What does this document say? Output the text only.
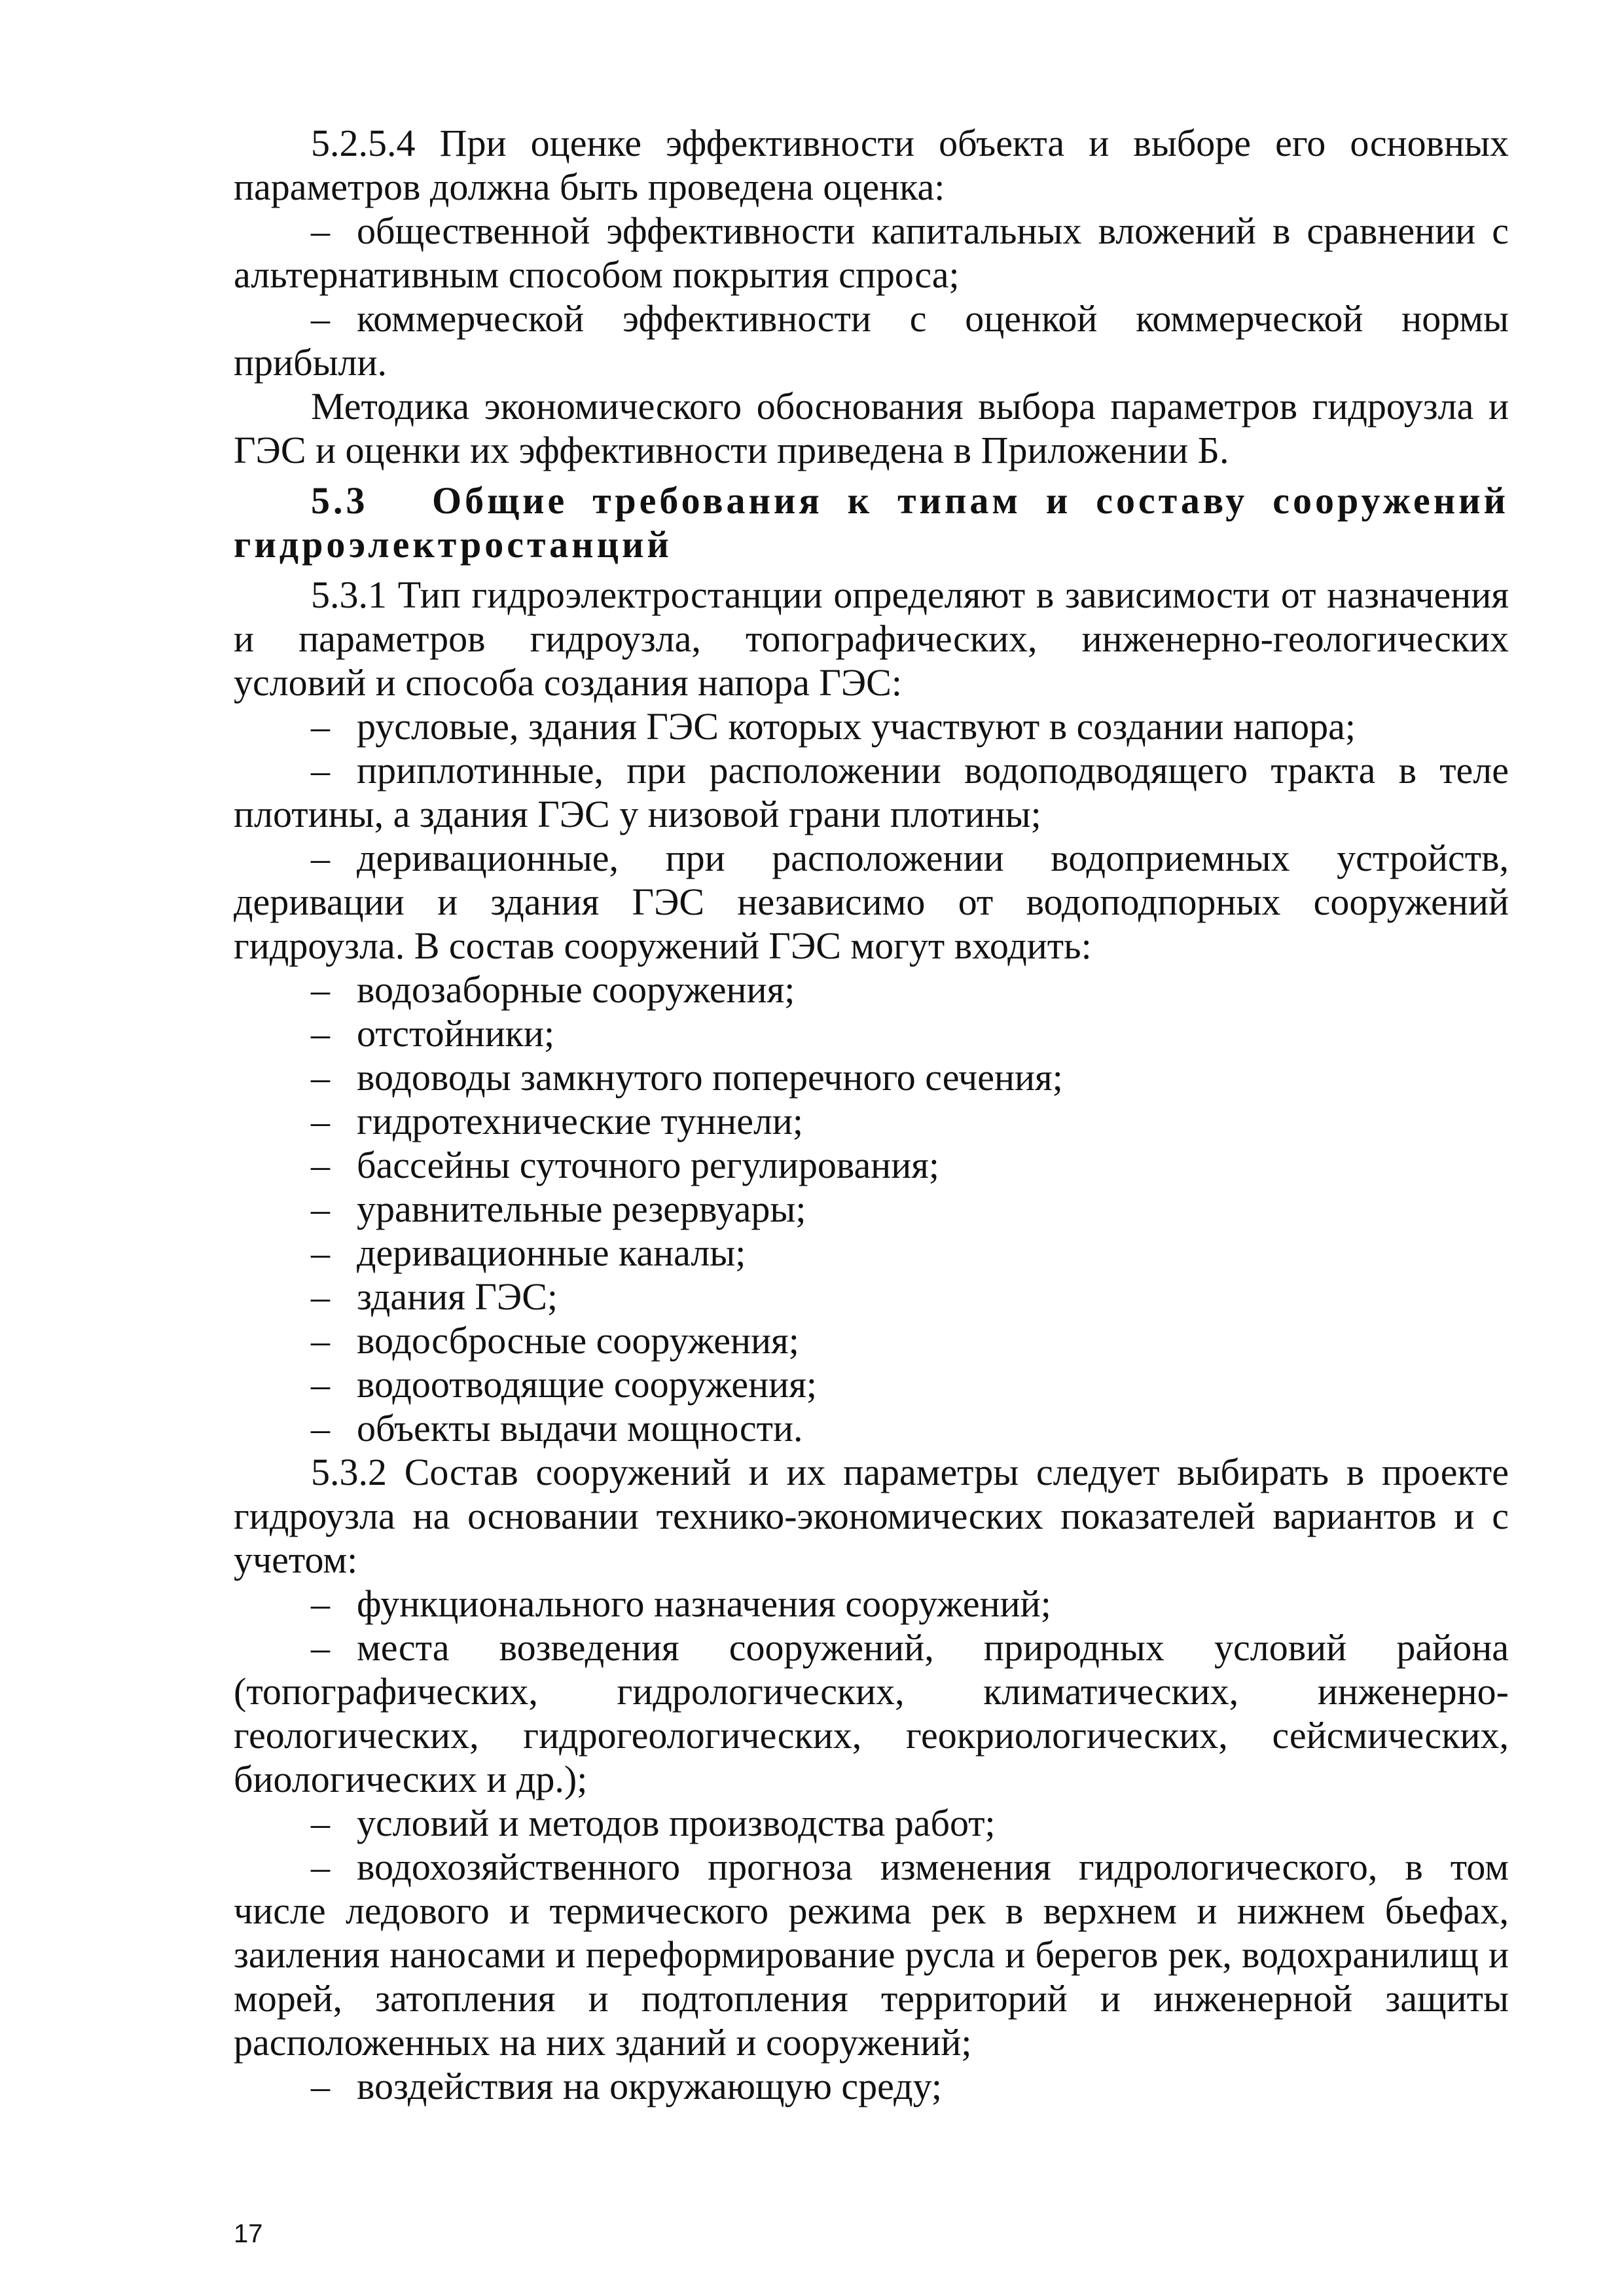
5.2.5.4 При оценке эффективности объекта и выборе его основных параметров должна быть проведена оценка:

– общественной эффективности капитальных вложений в сравнении с альтернативным способом покрытия спроса;

– коммерческой эффективности с оценкой коммерческой нормы прибыли.

Методика экономического обоснования выбора параметров гидроузла и ГЭС и оценки их эффективности приведена в Приложении Б.

5.3 Общие требования к типам и составу сооружений гидроэлектростанций

5.3.1 Тип гидроэлектростанции определяют в зависимости от назначения и параметров гидроузла, топографических, инженерно-геологических условий и способа создания напора ГЭС:

– русловые, здания ГЭС которых участвуют в создании напора;

– приплотинные, при расположении водоподводящего тракта в теле плотины, а здания ГЭС у низовой грани плотины;

– деривационные, при расположении водоприемных устройств, деривации и здания ГЭС независимо от водоподпорных сооружений гидроузла. В состав сооружений ГЭС могут входить:

– водозаборные сооружения;

– отстойники;

– водоводы замкнутого поперечного сечения;

– гидротехнические туннели;

– бассейны суточного регулирования;

– уравнительные резервуары;

– деривационные каналы;

– здания ГЭС;

– водосбросные сооружения;

– водоотводящие сооружения;

– объекты выдачи мощности.

5.3.2 Состав сооружений и их параметры следует выбирать в проекте гидроузла на основании технико-экономических показателей вариантов и с учетом:

– функционального назначения сооружений;

– места возведения сооружений, природных условий района (топографических, гидрологических, климатических, инженерно-геологических, гидрогеологических, геокриологических, сейсмических, биологических и др.);

– условий и методов производства работ;

– водохозяйственного прогноза изменения гидрологического, в том числе ледового и термического режима рек в верхнем и нижнем бьефах, заиления наносами и переформирование русла и берегов рек, водохранилищ и морей, затопления и подтопления территорий и инженерной защиты расположенных на них зданий и сооружений;

– воздействия на окружающую среду;

17
